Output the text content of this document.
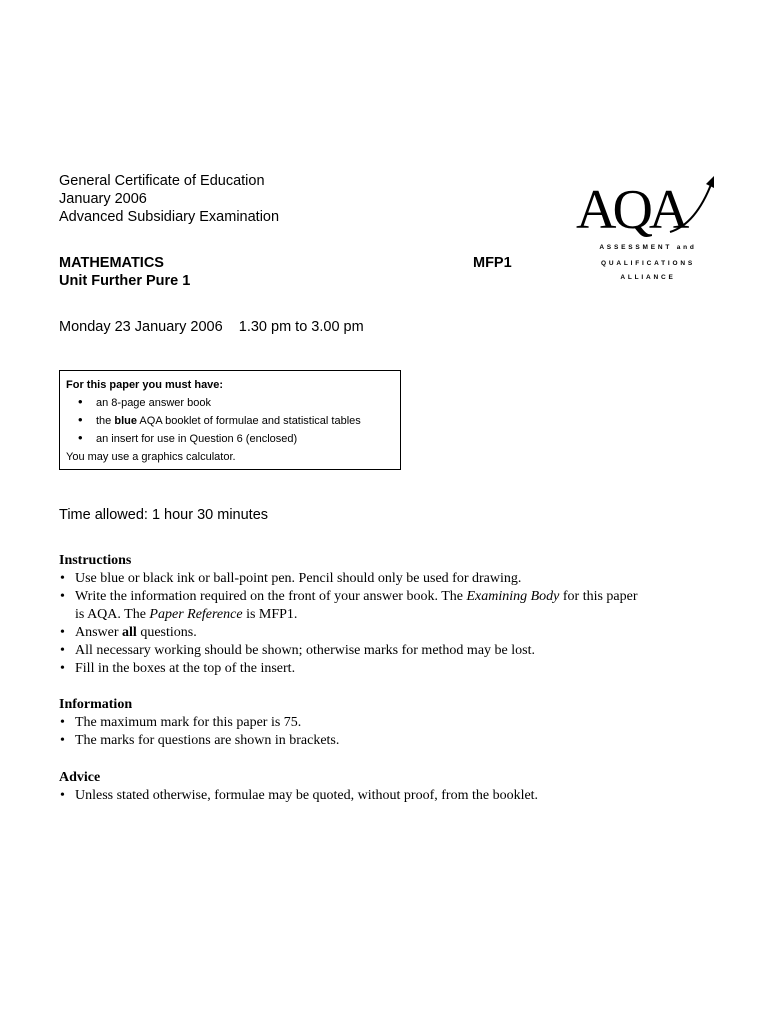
General Certificate of Education
January 2006
Advanced Subsidiary Examination
MATHEMATICS	MFP1
Unit Further Pure 1
Monday 23 January 2006    1.30 pm to 3.00 pm
AQA
ASSESSMENT and
QUALIFICATIONS
ALLIANCE
For this paper you must have:
• an 8-page answer book
• the blue AQA booklet of formulae and statistical tables
• an insert for use in Question 6 (enclosed)
You may use a graphics calculator.
Time allowed: 1 hour 30 minutes
Instructions
• Use blue or black ink or ball-point pen. Pencil should only be used for drawing.
• Write the information required on the front of your answer book. The Examining Body for this paper
is AQA. The Paper Reference is MFP1.
• Answer all questions.
• All necessary working should be shown; otherwise marks for method may be lost.
• Fill in the boxes at the top of the insert.
Information
• The maximum mark for this paper is 75.
• The marks for questions are shown in brackets.
Advice
• Unless stated otherwise, formulae may be quoted, without proof, from the booklet.
